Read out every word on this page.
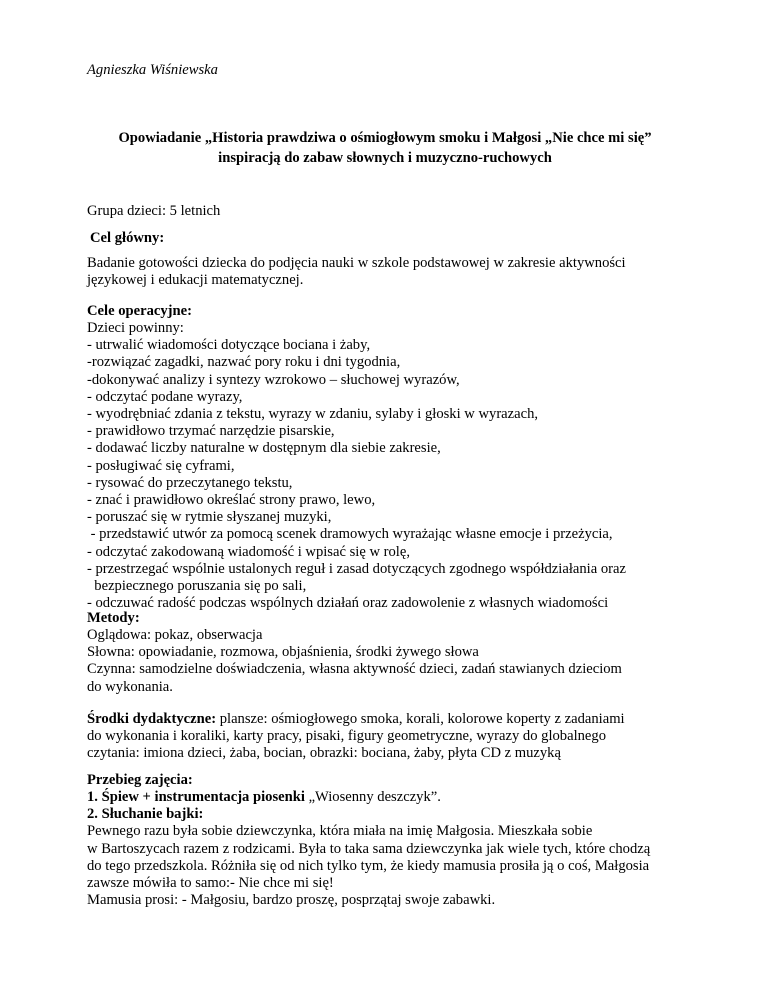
Agnieszka Wiśniewska
Opowiadanie „Historia prawdziwa o ośmiogłowym smoku i Małgosi „Nie chce mi się”
inspiracją do zabaw słownych i muzyczno-ruchowych
Grupa dzieci: 5 letnich
Cel główny:
Badanie gotowości dziecka do podjęcia nauki w szkole podstawowej w zakresie aktywności
językowej i edukacji matematycznej.
Cele operacyjne:
Dzieci powinny:
- utrwalić wiadomości dotyczące bociana i żaby,
-rozwiązać zagadki, nazwać pory roku i dni tygodnia,
-dokonywać analizy i syntezy wzrokowo – słuchowej wyrazów,
- odczytać podane wyrazy,
- wyodrębniać zdania z tekstu, wyrazy w zdaniu, sylaby i głoski w wyrazach,
- prawidłowo trzymać narzędzie pisarskie,
- dodawać liczby naturalne w dostępnym dla siebie zakresie,
- posługiwać się cyframi,
- rysować do przeczytanego tekstu,
- znać i prawidłowo określać strony prawo, lewo,
- poruszać się w rytmie słyszanej muzyki,
- przedstawić utwór za pomocą scenek dramowych wyrażając własne emocje i przeżycia,
- odczytać zakodowaną wiadomość i wpisać się w rolę,
- przestrzegać wspólnie ustalonych reguł i zasad dotyczących zgodnego współdziałania oraz
bezpiecznego poruszania się po sali,
- odczuwać radość podczas wspólnych działań oraz zadowolenie z własnych wiadomości
Metody:
Oglądowa: pokaz, obserwacja
Słowna: opowiadanie, rozmowa, objaśnienia, środki żywego słowa
Czynna: samodzielne doświadczenia, własna aktywność dzieci, zadań stawianych dzieciom
do wykonania.
Środki dydaktyczne: plansze: ośmiogłowego smoka, korali, kolorowe koperty z zadaniami
do wykonania i koraliki, karty pracy, pisaki, figury geometryczne, wyrazy do globalnego
czytania: imiona dzieci, żaba, bocian, obrazki: bociana, żaby, płyta CD z muzyką
Przebieg zajęcia:
1. Śpiew + instrumentacja piosenki „Wiosenny deszczyk”.
2. Słuchanie bajki:
Pewnego razu była sobie dziewczynka, która miała na imię Małgosia. Mieszkała sobie
w Bartoszycach razem z rodzicami. Była to taka sama dziewczynka jak wiele tych, które chodzą
do tego przedszkola. Różniła się od nich tylko tym, że kiedy mamusia prosiła ją o coś, Małgosia
zawsze mówiła to samo:- Nie chce mi się!
Mamusia prosi: - Małgosiu, bardzo proszę, posprzątaj swoje zabawki.
